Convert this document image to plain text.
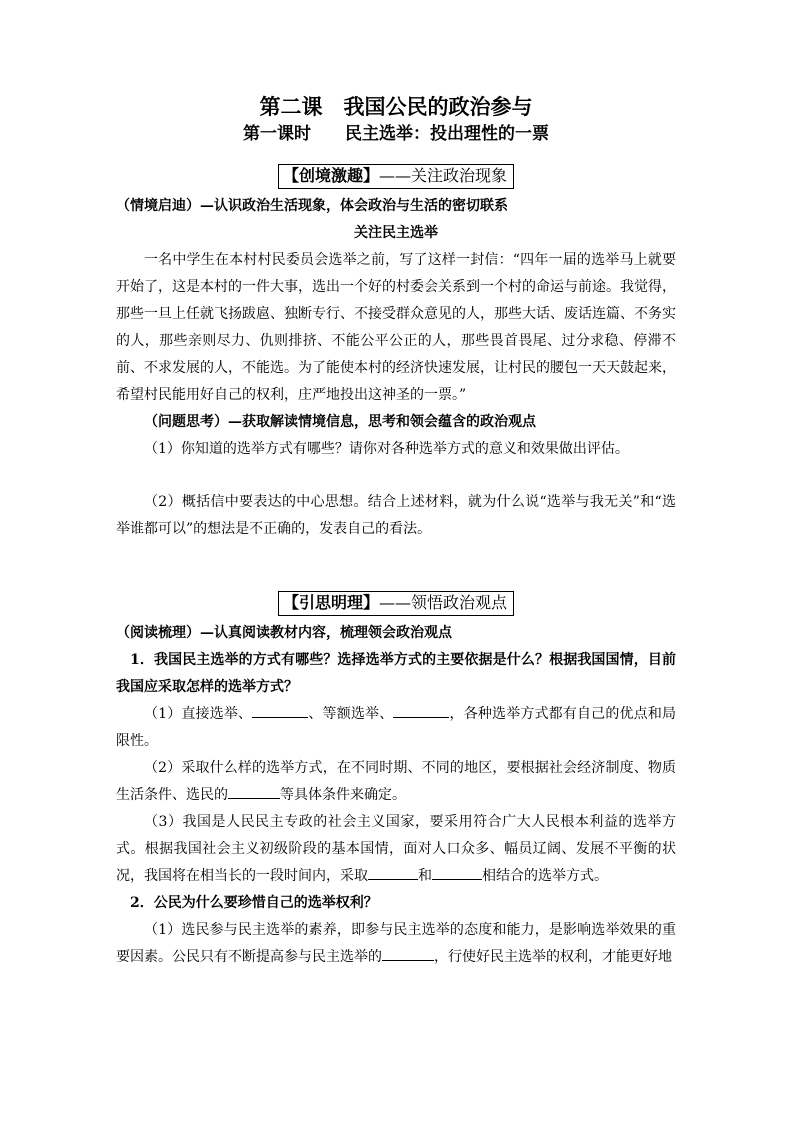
第二课　我国公民的政治参与

第一课时　　民主选举：投出理性的一票

【创境激趣】——关注政治现象

（情境启迪）—认识政治生活现象，体会政治与生活的密切联系

关注民主选举

一名中学生在本村村民委员会选举之前，写了这样一封信：“四年一届的选举马上就要开始了，这是本村的一件大事，选出一个好的村委会关系到一个村的命运与前途。我觉得，那些一旦上任就飞扬跋扈、独断专行、不接受群众意见的人，那些大话、废话连篇、不务实的人，那些亲则尽力、仇则排挤、不能公平公正的人，那些畏首畏尾、过分求稳、停滞不前、不求发展的人，不能选。为了能使本村的经济快速发展，让村民的腰包一天天鼓起来，希望村民能用好自己的权利，庄严地投出这神圣的一票。”

（问题思考）—获取解读情境信息，思考和领会蕴含的政治观点

（1）你知道的选举方式有哪些？请你对各种选举方式的意义和效果做出评估。

（2）概括信中要表达的中心思想。结合上述材料，就为什么说“选举与我无关”和“选举谁都可以”的想法是不正确的，发表自己的看法。

【引思明理】——领悟政治观点

（阅读梳理）—认真阅读教材内容，梳理领会政治观点

1．我国民主选举的方式有哪些？选择选举方式的主要依据是什么？根据我国国情，目前我国应采取怎样的选举方式？

（1）直接选举、	、等额选举、	，各种选举方式都有自己的优点和局限性。

（2）采取什么样的选举方式，在不同时期、不同的地区，要根据社会经济制度、物质生活条件、选民的	等具体条件来确定。

（3）我国是人民民主专政的社会主义国家，要采用符合广大人民根本利益的选举方式。根据我国社会主义初级阶段的基本国情，面对人口众多、幅员辽阔、发展不平衡的状况，我国将在相当长的一段时间内，采取	和	相结合的选举方式。

2．公民为什么要珍惜自己的选举权利？

（1）选民参与民主选举的素养，即参与民主选举的态度和能力，是影响选举效果的重要因素。公民只有不断提高参与民主选举的	，行使好民主选举的权利，才能更好地
